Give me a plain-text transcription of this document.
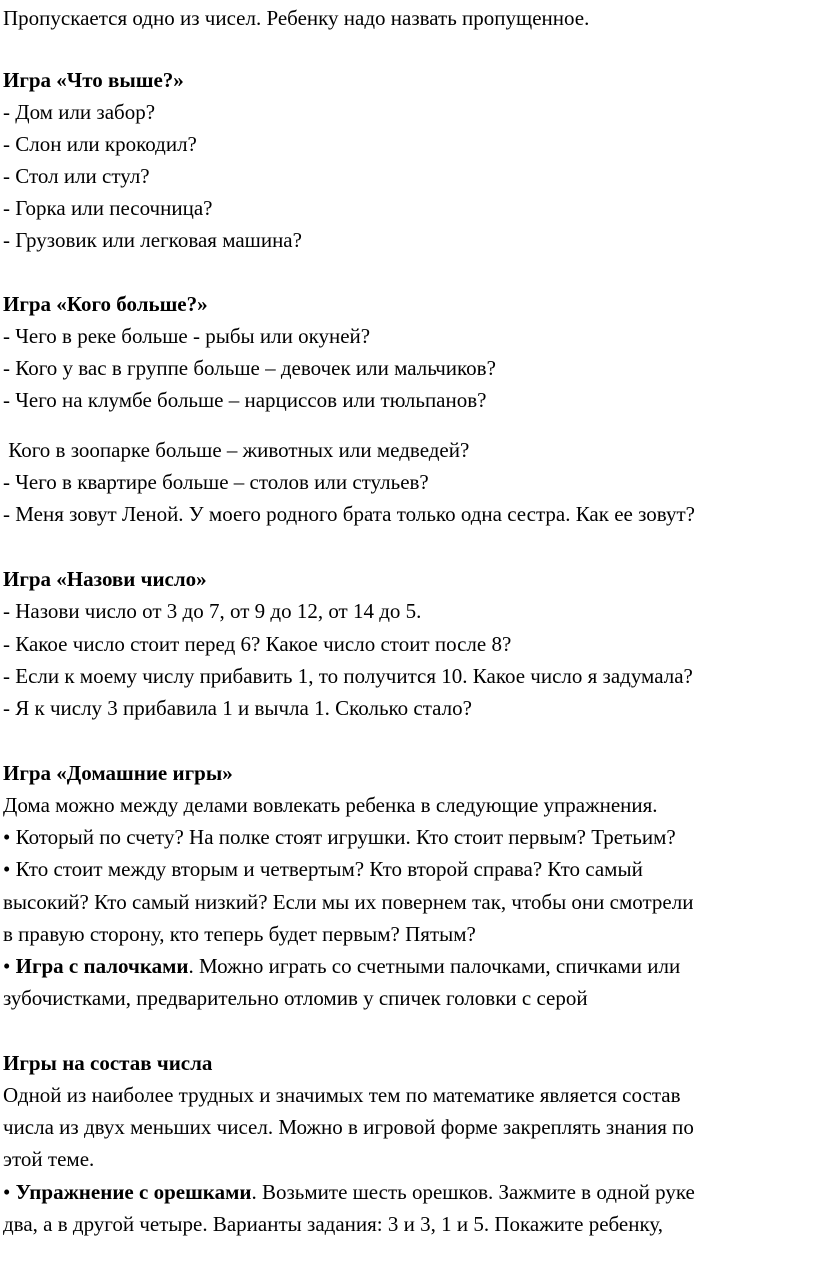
Пропускается одно из чисел. Ребенку надо назвать пропущенное.
Игра «Что выше?»
- Дом или забор?
- Слон или крокодил?
- Стол или стул?
- Горка или песочница?
- Грузовик или легковая машина?
Игра «Кого больше?»
- Чего в реке больше - рыбы или окуней?
- Кого у вас в группе больше – девочек или мальчиков?
- Чего на клумбе больше – нарциссов или тюльпанов?
Кого в зоопарке больше – животных или медведей?
- Чего в квартире больше – столов или стульев?
- Меня зовут Леной. У моего родного брата только одна сестра. Как ее зовут?
Игра «Назови число»
- Назови число от 3 до 7, от 9 до 12, от 14 до 5.
- Какое число стоит перед 6? Какое число стоит после 8?
- Если к моему числу прибавить 1, то получится 10. Какое число я задумала?
- Я к числу 3 прибавила 1 и вычла 1. Сколько стало?
Игра «Домашние игры»
Дома можно между делами вовлекать ребенка в следующие упражнения.
• Который по счету? На полке стоят игрушки. Кто стоит первым? Третьим?
• Кто стоит между вторым и четвертым? Кто второй справа? Кто самый
высокий? Кто самый низкий? Если мы их повернем так, чтобы они смотрели
в правую сторону, кто теперь будет первым? Пятым?
• Игра с палочками. Можно играть со счетными палочками, спичками или
зубочистками, предварительно отломив у спичек головки с серой
Игры на состав числа
Одной из наиболее трудных и значимых тем по математике является состав
числа из двух меньших чисел. Можно в игровой форме закреплять знания по
этой теме.
• Упражнение с орешками. Возьмите шесть орешков. Зажмите в одной руке
два, а в другой четыре. Варианты задания: 3 и 3, 1 и 5. Покажите ребенку,
